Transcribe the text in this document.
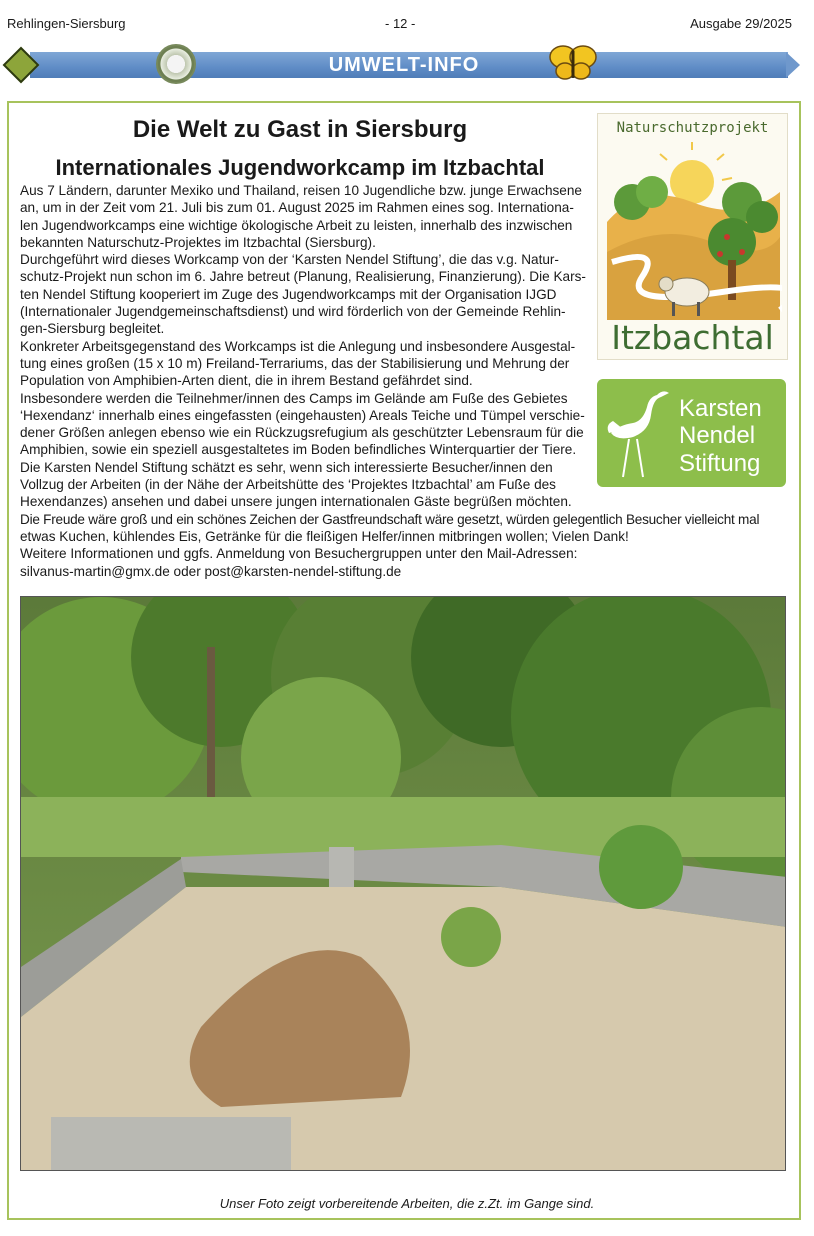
Rehlingen-Siersburg	- 12 -	Ausgabe 29/2025
UMWELT-INFO
Die Welt zu Gast in Siersburg
Internationales Jugendworkcamp im Itzbachtal
Aus 7 Ländern, darunter Mexiko und Thailand, reisen 10 Jugendliche bzw. junge Erwachsene
an, um in der Zeit vom 21. Juli bis zum 01. August 2025 im Rahmen eines sog. Internationa-
len Jugendworkcamps eine wichtige ökologische Arbeit zu leisten, innerhalb des inzwischen
bekannten Naturschutz-Projektes im Itzbachtal (Siersburg).
Durchgeführt wird dieses Workcamp von der ‘Karsten Nendel Stiftung’, die das v.g. Natur-
schutz-Projekt nun schon im 6. Jahre betreut (Planung, Realisierung, Finanzierung). Die Kars-
ten Nendel Stiftung kooperiert im Zuge des Jugendworkcamps mit der Organisation IJGD
(Internationaler Jugendgemeinschaftsdienst) und wird förderlich von der Gemeinde Rehlin-
gen-Siersburg begleitet.
Konkreter Arbeitsgegenstand des Workcamps ist die Anlegung und insbesondere Ausgestal-
tung eines großen (15 x 10 m) Freiland-Terrariums, das der Stabilisierung und Mehrung der
Population von Amphibien-Arten dient, die in ihrem Bestand gefährdet sind.
Insbesondere werden die Teilnehmer/innen des Camps im Gelände am Fuße des Gebietes
‘Hexendanz‘ innerhalb eines eingefassten (eingehausten) Areals Teiche und Tümpel verschie-
dener Größen anlegen ebenso wie ein Rückzugsrefugium als geschützter Lebensraum für die
Amphibien, sowie ein speziell ausgestaltetes im Boden befindliches Winterquartier der Tiere.
Die Karsten Nendel Stiftung schätzt es sehr, wenn sich interessierte Besucher/innen den
Vollzug der Arbeiten (in der Nähe der Arbeitshütte des ‘Projektes Itzbachtal’ am Fuße des
Hexendanzes) ansehen und dabei unsere jungen internationalen Gäste begrüßen möchten.
Die Freude wäre groß und ein schönes Zeichen der Gastfreundschaft wäre gesetzt, würden gelegentlich Besucher vielleicht mal
etwas Kuchen, kühlendes Eis, Getränke für die fleißigen Helfer/innen mitbringen wollen; Vielen Dank!
Weitere Informationen und ggfs. Anmeldung von Besuchergruppen unter den Mail-Adressen:
silvanus-martin@gmx.de oder post@karsten-nendel-stiftung.de
Naturschutzprojekt
Itzbachtal
Karsten
Nendel
Stiftung
Unser Foto zeigt vorbereitende Arbeiten, die z.Zt. im Gange sind.
